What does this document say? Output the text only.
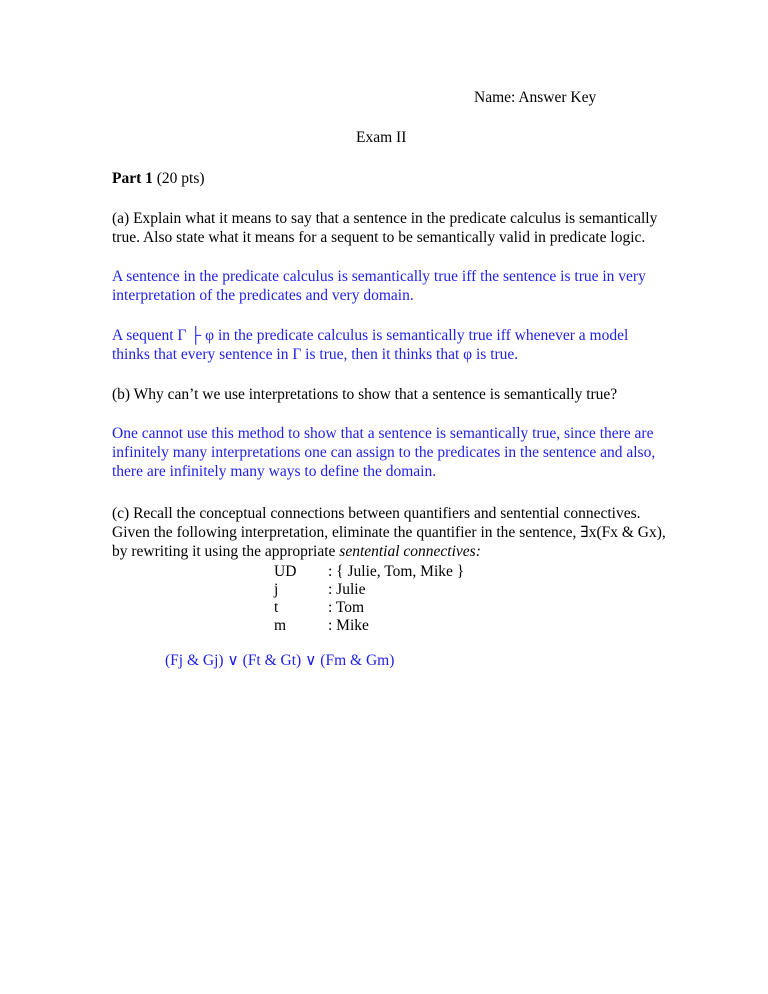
Name: Answer Key
Exam II
Part 1 (20 pts)
(a) Explain what it means to say that a sentence in the predicate calculus is semantically
true. Also state what it means for a sequent to be semantically valid in predicate logic.
A sentence in the predicate calculus is semantically true iff the sentence is true in very
interpretation of the predicates and very domain.
A sequent Γ ├ φ in the predicate calculus is semantically true iff whenever a model
thinks that every sentence in Γ is true, then it thinks that φ is true.
(b) Why can’t we use interpretations to show that a sentence is semantically true?
One cannot use this method to show that a sentence is semantically true, since there are
infinitely many interpretations one can assign to the predicates in the sentence and also,
there are infinitely many ways to define the domain.
(c) Recall the conceptual connections between quantifiers and sentential connectives.
Given the following interpretation, eliminate the quantifier in the sentence, ∃x(Fx & Gx),
by rewriting it using the appropriate sentential connectives:
UD
j
t
m
: { Julie, Tom, Mike }
: Julie
: Tom
: Mike
(Fj & Gj) ∨ (Ft & Gt) ∨ (Fm & Gm)
